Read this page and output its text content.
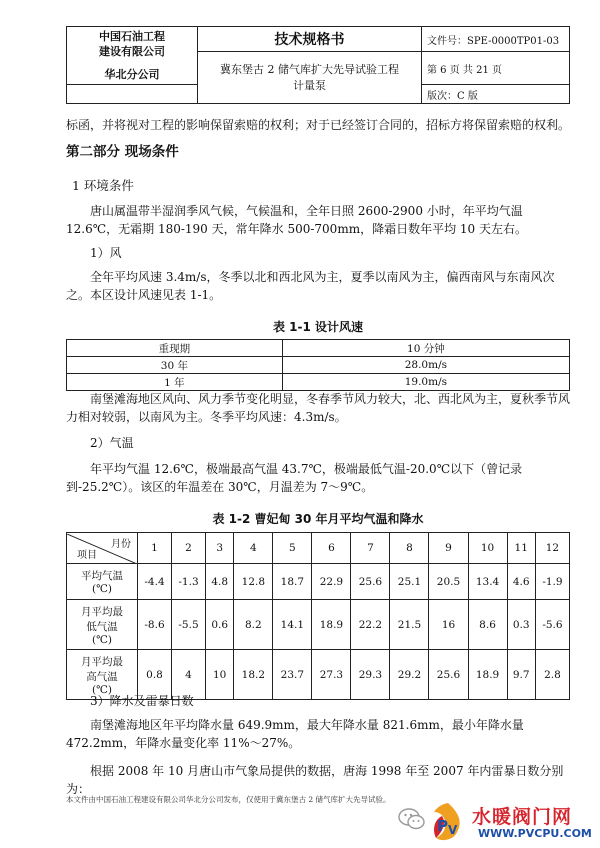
中国石油工程
建设有限公司
华北分公司	技术规格书	文件号：SPE-0000TP01-03

	冀东堡古 2 储气库扩大先导试验工程
计量泵	第 6 页 共 21 页
		版次：C 版
标函，并将视对工程的影响保留索赔的权利；对于已经签订合同的，招标方将保留索赔的权利。
第二部分 现场条件
1 环境条件
唐山属温带半湿润季风气候，气候温和，全年日照 2600-2900 小时，年平均气温 12.6℃，无霜期 180-190 天，常年降水 500-700mm，降霜日数年平均 10 天左右。
1）风
全年平均风速 3.4m/s，冬季以北和西北风为主，夏季以南风为主，偏西南风与东南风次之。本区设计风速见表 1-1。
表 1-1 设计风速
重现期	10 分钟
30 年	28.0m/s
1 年	19.0m/s
南堡滩海地区风向、风力季节变化明显，冬春季节风力较大，北、西北风为主，夏秋季节风力相对较弱，以南风为主。冬季平均风速：4.3m/s。
2）气温
年平均气温 12.6℃，极端最高气温 43.7℃，极端最低气温-20.0℃以下（曾记录到-25.2℃）。该区的年温差在 30℃，月温差为 7～9℃。
表 1-2 曹妃甸 30 年月平均气温和降水
月份
项目	1	2	3	4	5	6	7	8	9	10	11	12

平均气温
(℃)	-4.4	-1.3	4.8	12.8	18.7	22.9	25.6	25.1	20.5	13.4	4.6	-1.9

月平均最
低气温
(℃)	-8.6	-5.5	0.6	8.2	14.1	18.9	22.2	21.5	16	8.6	0.3	-5.6

月平均最
高气温
(℃)	0.8	4	10	18.2	23.7	27.3	29.3	29.2	25.6	18.9	9.7	2.8
3）降水及雷暴日数
南堡滩海地区年平均降水量 649.9mm，最大年降水量 821.6mm，最小年降水量 472.2mm，年降水量变化率 11%～27%。
根据 2008 年 10 月唐山市气象局提供的数据，唐海 1998 年至 2007 年内雷暴日数分别为：
本文件由中国石油工程建设有限公司华北分公司发布，仅使用于冀东堡古 2 储气库扩大先导试验。
P V
水暖阀门网
WWW.PVCPU.COM
